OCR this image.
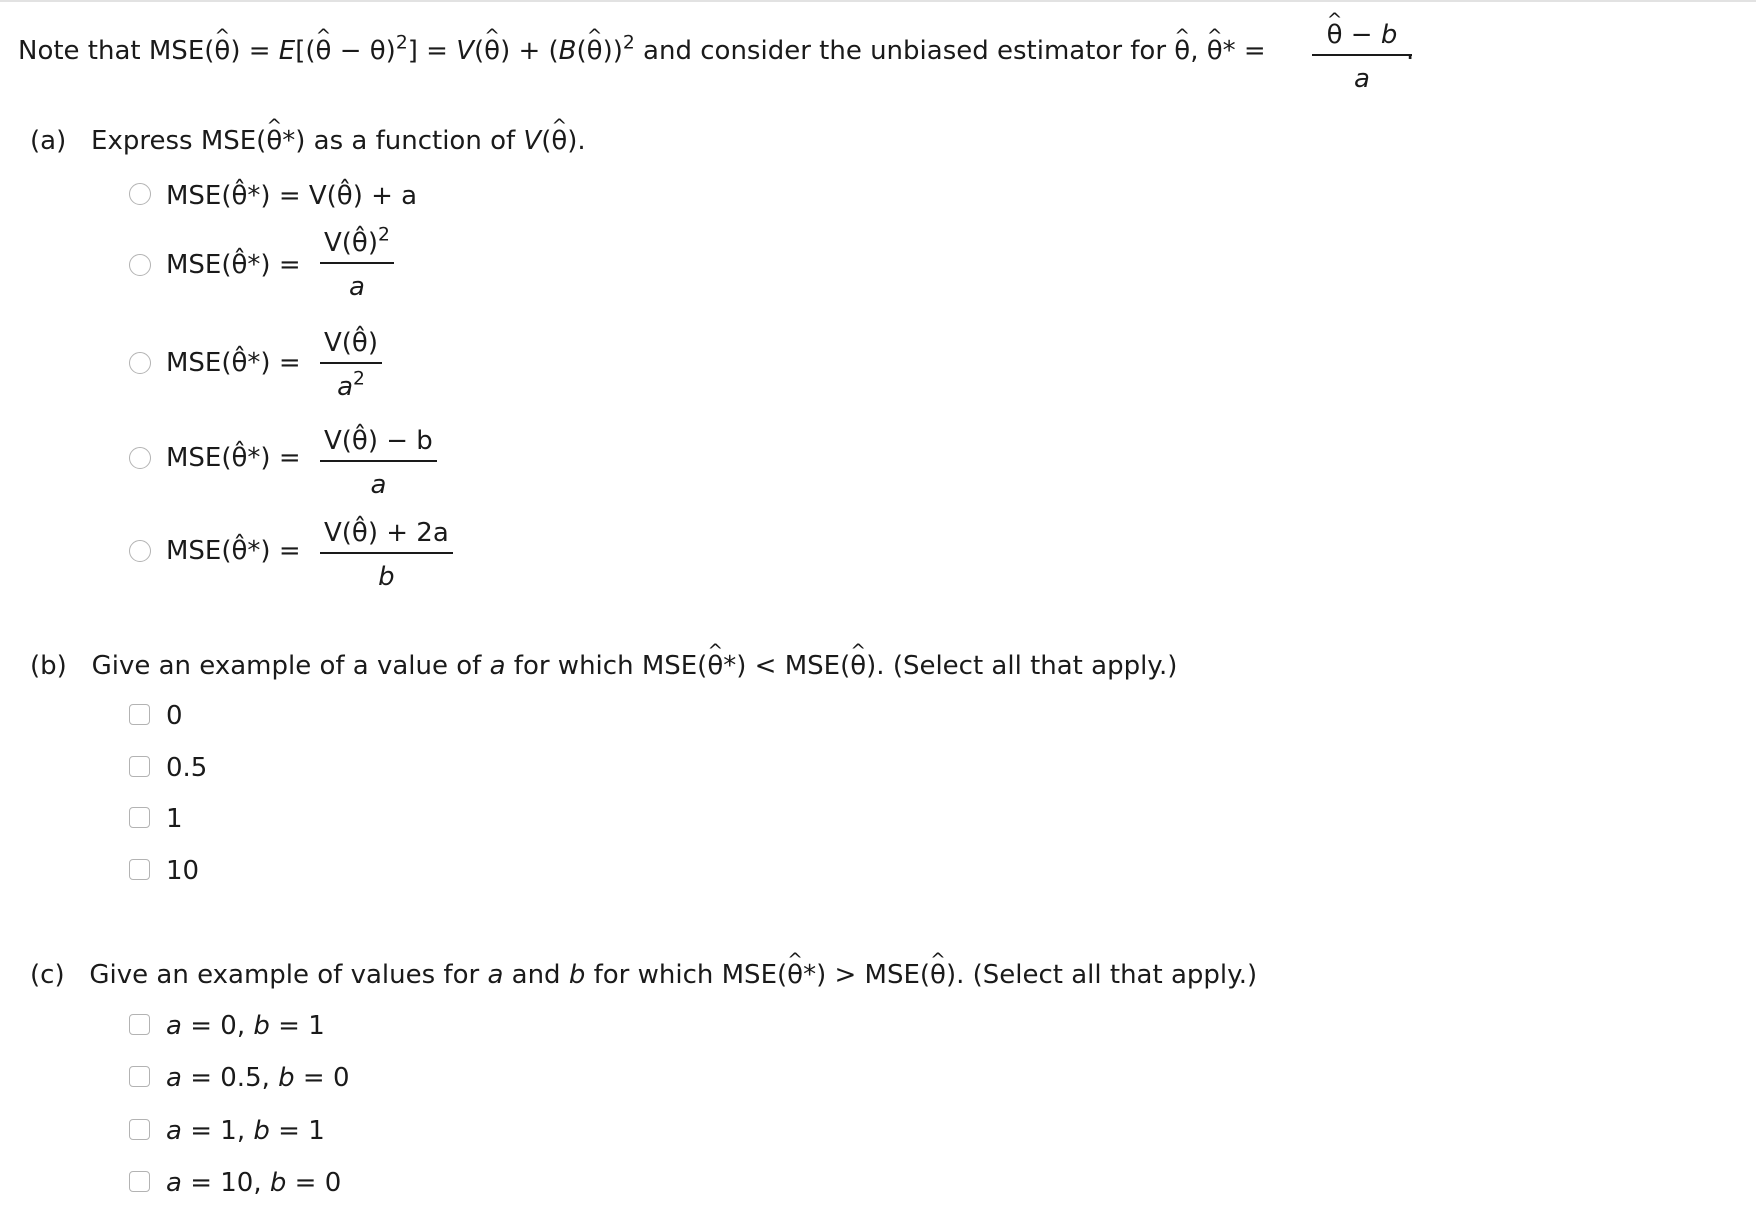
Note that MSE(^ θ) = E[(^ θ − θ)$^2$] = V(^ θ) + (B(^ θ))$^2$ and consider the unbiased estimator for ^ θ, ^ θ* =
^ θ − b
a
.
(a) Express MSE(^ θ*) as a function of V(^ θ).
MSE(θ̂*) = V(θ̂) + a
MSE(θ̂*) =
V(θ̂)$^2$
a
MSE(θ̂*) =
V(θ̂)
$a^2$
MSE(θ̂*) =
V(θ̂) − b
a
MSE(θ̂*) =
V(θ̂) + 2a
b
(b) Give an example of a value of a for which MSE(^ θ*) < MSE(^ θ). (Select all that apply.)
0
0.5
1
10
(c) Give an example of values for a and b for which MSE(^ θ*) > MSE(^ θ). (Select all that apply.)
a = 0, b = 1
a = 0.5, b = 0
a = 1, b = 1
a = 10, b = 0
